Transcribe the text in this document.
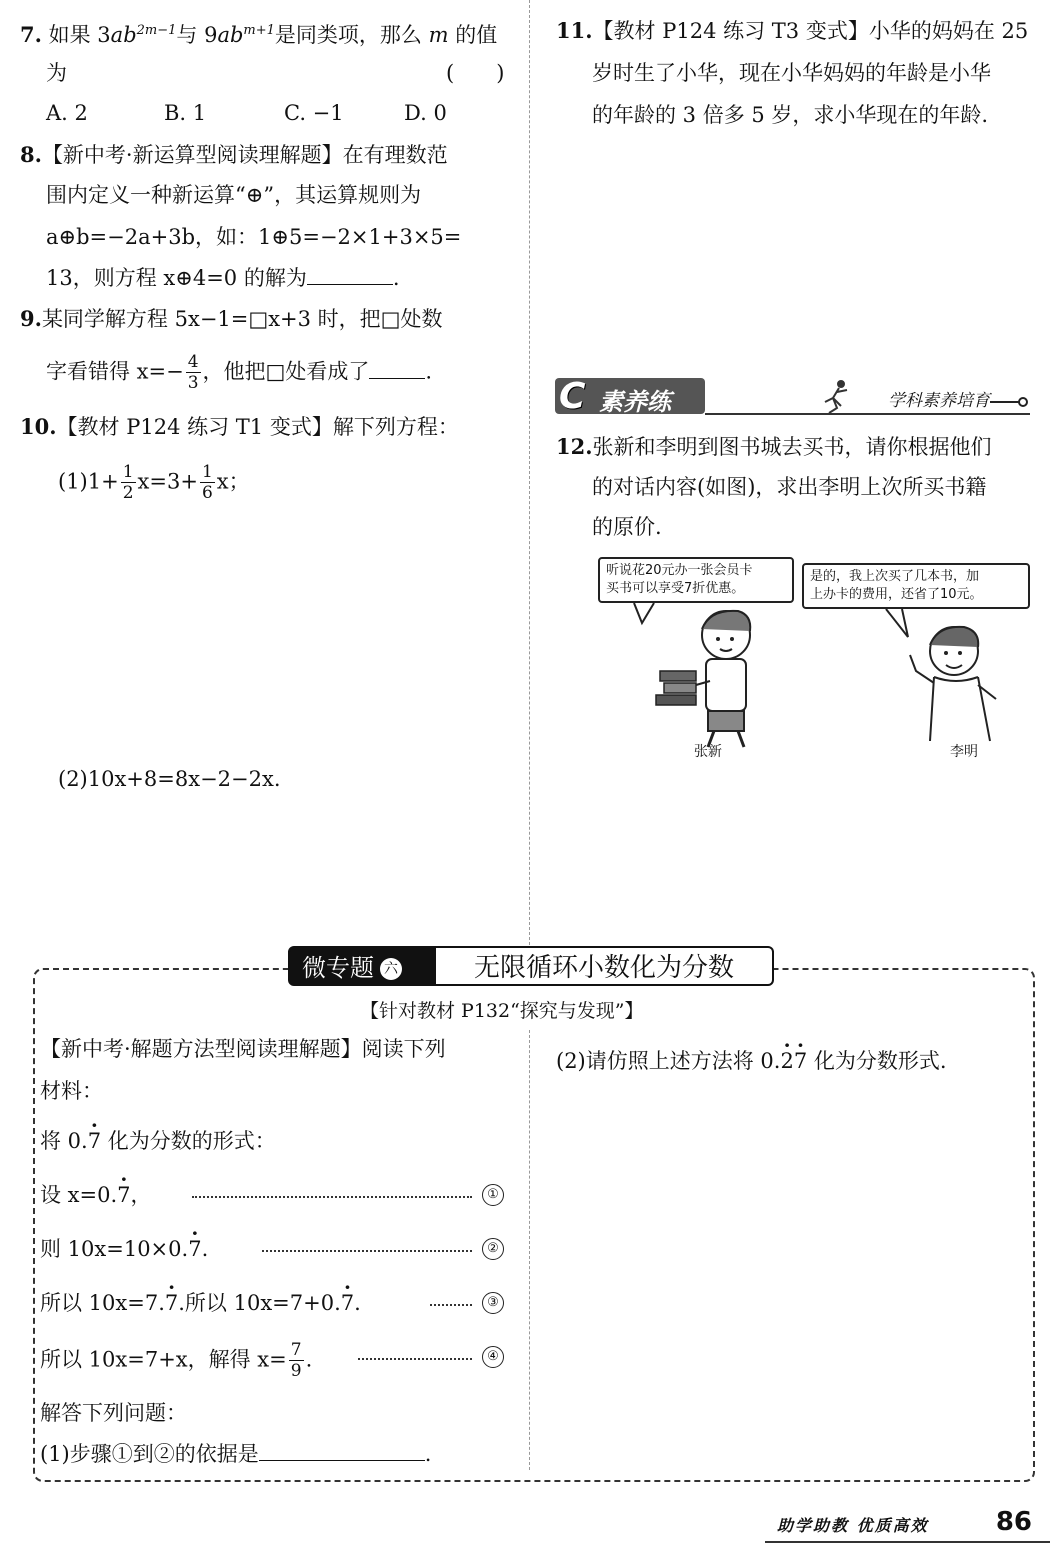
7. 如果 $3ab^{2m-1}$与 $9ab^{m+1}$是同类项，那么 m 的值
为	(　　)
A. 2	B. 1	C. −1	D. 0
8.【新中考·新运算型阅读理解题】在有理数范
围内定义一种新运算“⊕”，其运算规则为
a⊕b=−2a+3b，如：1⊕5=−2×1+3×5=
13，则方程 x⊕4=0 的解为	.
9.某同学解方程 5x−1=□x+3 时，把□处数
字看错得 $x=- \frac{4}{3}$ ，他把□处看成了	.
10.【教材 P124 练习 T1 变式】解下列方程：
$(1)1+ \frac{1}{2} x=3+ \frac{1}{6}$ x；
(2)10x+8=8x−2−2x.
11.【教材 P124 练习 T3 变式】小华的妈妈在 25
岁时生了小华，现在小华妈妈的年龄是小华
的年龄的 3 倍多 5 岁，求小华现在的年龄.
C 素养练	学科素养培育
12.张新和李明到图书城去买书，请你根据他们
的对话内容(如图)，求出李明上次所买书籍
的原价.
听说花20元办一张会员卡
买书可以享受7折优惠。
是的，我上次买了几本书，加
上办卡的费用，还省了10元。
张新	李明
微专题 六	无限循环小数化为分数
【针对教材 P132“探究与发现”】
【新中考·解题方法型阅读理解题】阅读下列
材料：
将 0.· 7 化为分数的形式：
设 x=0.· 7，	①
则 10x=10×0.· 7.	②
所以 10x=7.· 7.所以 10x=7+0.· 7.	③
所以 10x=7+x，解得 $x= \frac{7}{9}$ .	④
解答下列问题：
(1)步骤①到②的依据是	.
(2)请仿照上述方法将 0.· 2· 7 化为分数形式.
助学助教 优质高效	86
